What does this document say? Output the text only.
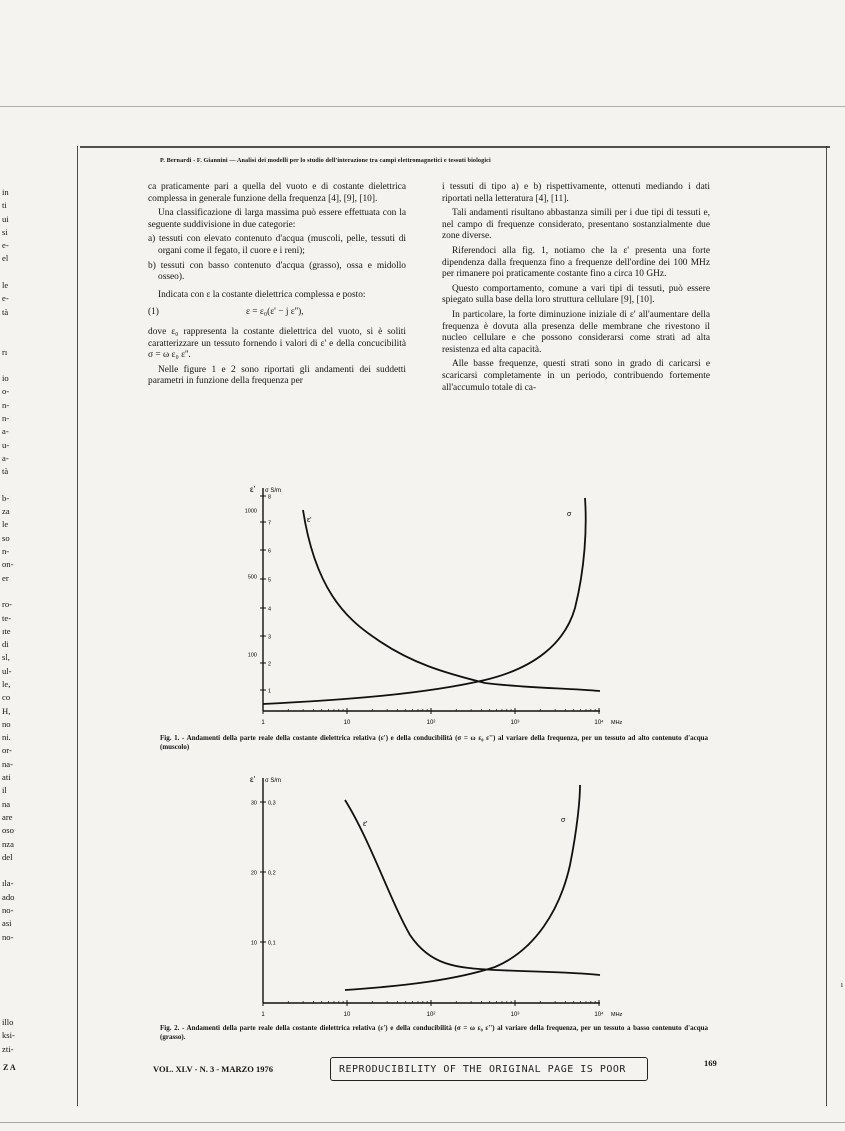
in
ti
ui
si
e-
el

le
e-
tà

rı

io
o-
n-
n-
a-
u-
a-
tà

b-
za
le
so
n-
on-
er

ro-
te-
ıte
di
sl,
ul-
le,
co
H,
no
ni.
or-
na-
ati
il
na
are
oso
nza
del

ıla-
ado
no-
asi
no-
P. Bernardi - F. Giannini — Analisi dei modelli per lo studio dell'interazione tra campi elettromagnetici e tessuti biologici

ca praticamente pari a quella del vuoto e di costante dielettrica complessa in generale funzione della frequenza [4], [9], [10].

Una classificazione di larga massima può essere effettuata con la seguente suddivisione in due categorie:

a) tessuti con elevato contenuto d'acqua (muscoli, pelle, tessuti di organi come il fegato, il cuore e i reni);

b) tessuti con basso contenuto d'acqua (grasso), ossa e midollo osseo).

Indicata con ε la costante dielettrica complessa e posto:

(1)	ε = ε₀(ε' − j ε''),

dove ε₀ rappresenta la costante dielettrica del vuoto, si è soliti caratterizzare un tessuto fornendo i valori di ε' e della concucibilità σ = ω ε₀ ε''.

Nelle figure 1 e 2 sono riportati gli andamenti dei suddetti parametri in funzione della frequenza per

i tessuti di tipo a) e b) rispettivamente, ottenuti mediando i dati riportati nella letteratura [4], [11].

Tali andamenti risultano abbastanza simili per i due tipi di tessuti e, nel campo di frequenze considerato, presentano sostanzialmente due zone diverse.

Riferendoci alla fig. 1, notiamo che la ε' presenta una forte dipendenza dalla frequenza fino a frequenze dell'ordine dei 100 MHz per rimanere poi praticamente costante fino a circa 10 GHz.

Questo comportamento, comune a vari tipi di tessuti, può essere spiegato sulla base della loro struttura cellulare [9], [10].

In particolare, la forte diminuzione iniziale di ε' all'aumentare della frequenza è dovuta alla presenza delle membrane che rivestono il nucleo cellulare e che possono considerarsi come strati ad alta resistenza ed alta capacità.

Alle basse frequenze, questi strati sono in grado di caricarsi e scaricarsi completamente in un periodo, contribuendo fortemente all'accumulo totale di ca-

ε' σ S/m
1
2
3
4
5
6
7
8
100
500
1000
1	10	10²	10³	10⁴ MHz
ε'
σ
Fig. 1. - Andamenti della parte reale della costante dielettrica relativa (ε') e della conducibilità (σ = ω ε₀ ε'') al variare della frequenza, per un tessuto ad alto contenuto d'acqua (muscolo)
ε' σ S/m
0,1
0,2
0,3
10
20
30
1	10	10²	10³	10⁴ MHz
ε'
σ
Fig. 2. - Andamenti della parte reale della costante dielettrica relativa (ε') e della conducibilità (σ = ω ε₀ ε'') al variare della frequenza, per un tessuto a basso contenuto d'acqua (grasso).
VOL. XLV - N. 3 - MARZO 1976	REPRODUCIBILITY OF THE ORIGINAL PAGE IS POOR
169
illo
ksi-
zti-
Z A
ı
